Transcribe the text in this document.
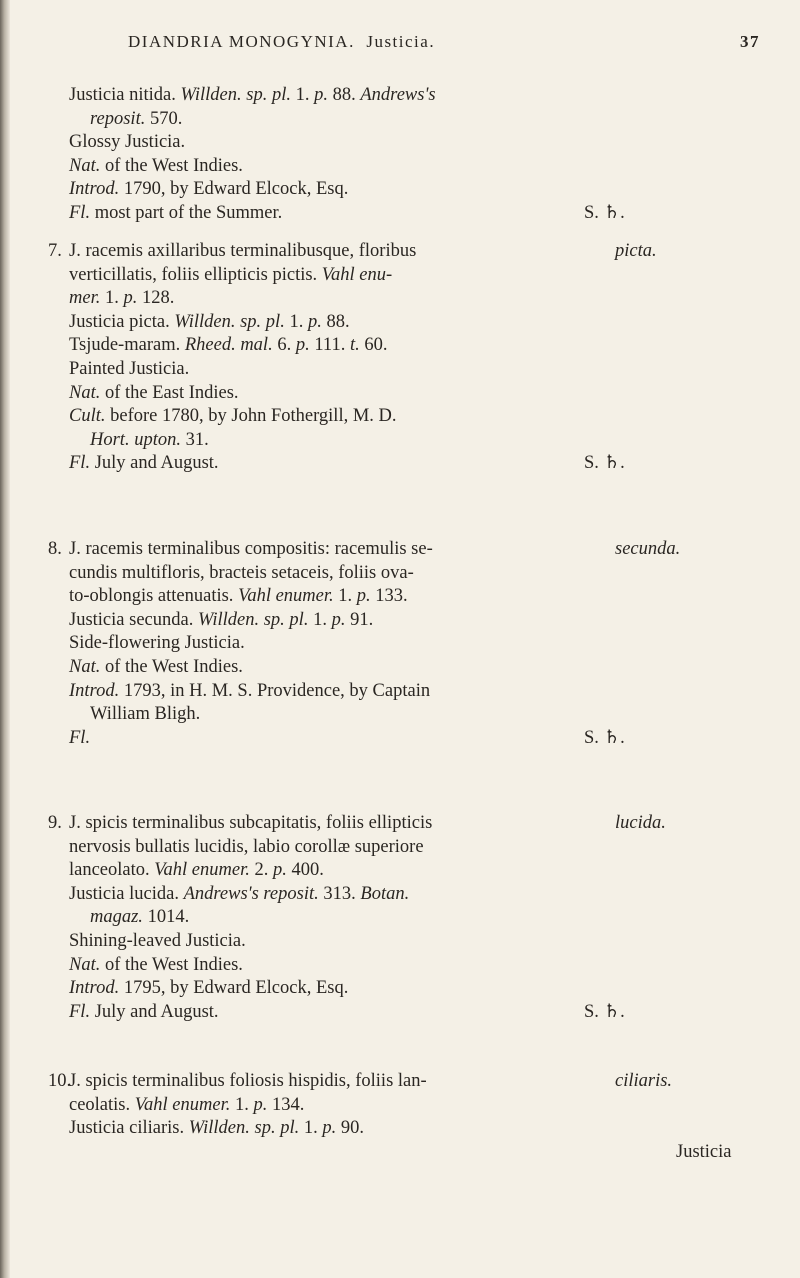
DIANDRIA MONOGYNIA. Justicia.	37
Justicia nitida. Willden. sp. pl. 1. p. 88. Andrews's
reposit. 570.
Glossy Justicia.
Nat. of the West Indies.
Introd. 1790, by Edward Elcock, Esq.
Fl. most part of the Summer.	S. ♄.
7. J. racemis axillaribus terminalibusque, floribus	picta.
verticillatis, foliis ellipticis pictis. Vahl enu-
mer. 1. p. 128.
Justicia picta. Willden. sp. pl. 1. p. 88.
Tsjude-maram. Rheed. mal. 6. p. 111. t. 60.
Painted Justicia.
Nat. of the East Indies.
Cult. before 1780, by John Fothergill, M. D.
Hort. upton. 31.
Fl. July and August.	S. ♄.
8. J. racemis terminalibus compositis: racemulis se-	secunda.
cundis multifloris, bracteis setaceis, foliis ova-
to-oblongis attenuatis. Vahl enumer. 1. p. 133.
Justicia secunda. Willden. sp. pl. 1. p. 91.
Side-flowering Justicia.
Nat. of the West Indies.
Introd. 1793, in H. M. S. Providence, by Captain
William Bligh.
Fl.	S. ♄.
9. J. spicis terminalibus subcapitatis, foliis ellipticis	lucida.
nervosis bullatis lucidis, labio corollæ superiore
lanceolato. Vahl enumer. 2. p. 400.
Justicia lucida. Andrews's reposit. 313. Botan.
magaz. 1014.
Shining-leaved Justicia.
Nat. of the West Indies.
Introd. 1795, by Edward Elcock, Esq.
Fl. July and August.	S. ♄.
10.J. spicis terminalibus foliosis hispidis, foliis lan-	ciliaris.
ceolatis. Vahl enumer. 1. p. 134.
Justicia ciliaris. Willden. sp. pl. 1. p. 90.
Justicia
